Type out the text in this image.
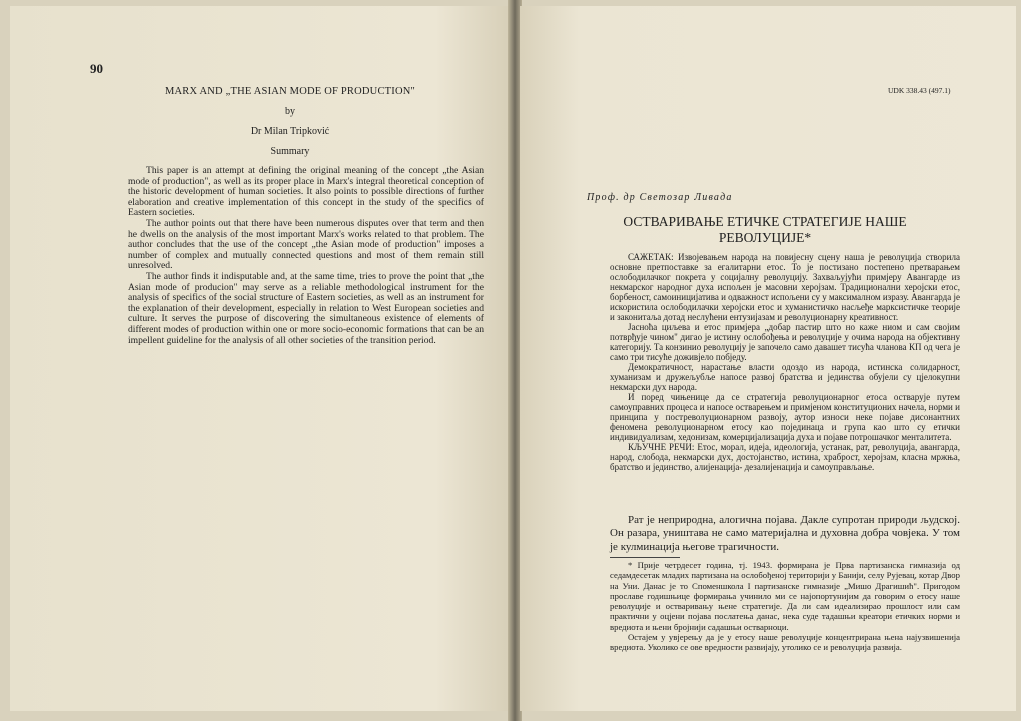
90
MARX AND „THE ASIAN MODE OF PRODUCTION"
by
Dr Milan Tripković
Summary

This paper is an attempt at defining the original meaning of the concept „the Asian mode of production", as well as its proper place in Marx's integral theoretical conception of the historic development of human societies. It also points to possible directions of further elaboration and creative implementation of this concept in the study of the specifics of Eastern societies.

The author points out that there have been numerous disputes over that term and then he dwells on the analysis of the most important Marx's works related to that problem. The author concludes that the use of the concept „the Asian mode of production" imposes a number of complex and mutually connected questions and most of them remain still unresolved.

The author finds it indisputable and, at the same time, tries to prove the point that „the Asian mode of producion" may serve as a reliable methodological instrument for the analysis of specifics of the social structure of Eastern societies, as well as an instrument for the explanation of their development, especially in relation to West European societies and culture. It serves the purpose of discovering the simultaneous existence of elements of different modes of production within one or more socio-economic formations that can be an impellent guideline for the analysis of all other societies of the transition period.

UDK 338.43 (497.1)
Проф. др Светозар Ливада
ОСТВАРИВАЊЕ ЕТИЧКЕ СТРАТЕГИЈЕ НАШЕ РЕВОЛУЦИЈЕ*

САЖЕТАК: Извојевањем народа на повијесну сцену наша је револуција створила основне претпоставке за егалитарни етос. То је постизано постепено претварањем ослободилачког покрета у социјалну револуцију. Захваљујући примјеру Авангарде из некмарског народног духа испољен је масовни херојзам. Традиционални херојски етос, борбеност, самоиницијатива и одважност испољени су у максималном изразу. Авангарда је искористила ослободилачки херојски етос и хуманистичко насљеђе марксистичке теорије и законитаља дотад неслућени ентузијазам и револуционарну креативност.

Јасноћа циљева и етос примјера „добар пастир што но каже ниом и сам својим потврђује чином" дигао је истину ослобођења и револуције у очима народа на објективну категорију. Та конзинио револуцију је започело само давашет тисућа чланова КП од чега је само три тисуће доживјело побједу.

Демократичност, нарастање власти одоздо из народа, истинска солидарност, хуманизам и дружељубље напосе развој братства и јединства обујели су цјелокупни некмарски дух народа.

И поред чињенице да се стратегија револуционарног етоса остварује путем самоуправних процеса и напосе остварењем и примјеном конституционих начела, норми и принципа у постреволуционарном развоју, аутор износи неке појаве дисонантних феномена револуционарном етосу као појединаца и група као што су етички индивидуализам, хедонизам, комерцијализација духа и појаве потрошачког менталитета.

КЉУЧНЕ РЕЧИ: Етос, морал, идеја, идеологија, устанак, рат, револуција, авангарда, народ, слобода, некмарски дух, достојанство, истина, храброст, херојзам, класна мржња, братство и јединство, алијенација- дезалијенација и самоуправљање.

Рат је неприродна, алогична појава. Дакле супротан природи људској. Он разара, уништава не само материјална и духовна добра човјека. У том је кулминација његове трагичности.

* Прије четрдесет година, тј. 1943. формирана је Прва партизанска гимназија од седамдесетак младих партизана на ослобођеној територији у Банији, селу Рујевац, котар Двор на Уни. Данас је то Споменшкола I партизанске гимназије „Мишо Драгишић". Пригодом прославе годишњице формирања учинило ми се најопортунијим да говорим о етосу наше револуције и остваривању њене стратегије. Да ли сам идеализирао прошлост или сам практични у оцјени појава послатења данас, нека суде тадашњи креатори етичких норми и вредиота и њени бројнији садашњи остварноци.

Остајем у увјерењу да је у етосу наше револуције концентрирана њена најузвишенија вредиота. Уколико се ове вредности развијају, утолико се и револуција развија.
